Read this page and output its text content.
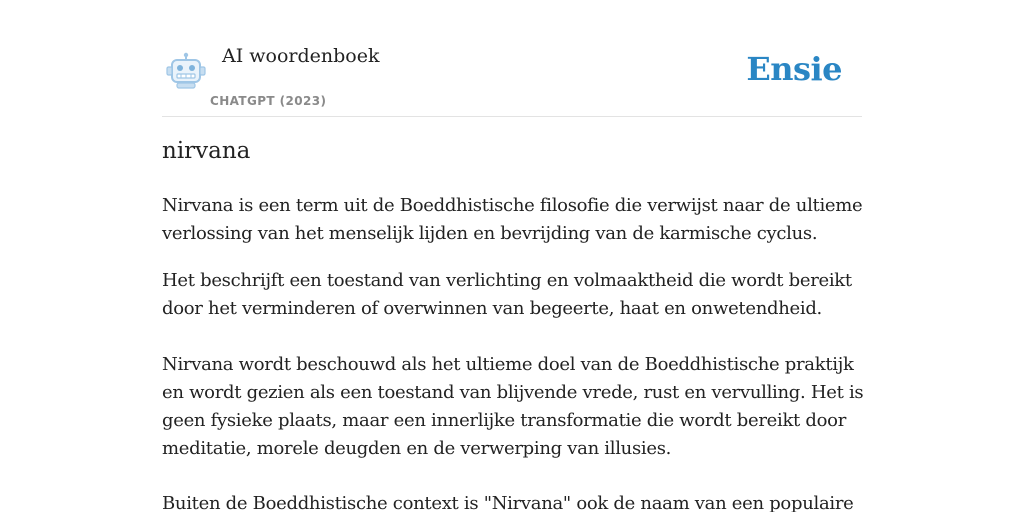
AI woordenboek
CHATGPT (2023)
Ensie
nirvana

Nirvana is een term uit de Boeddhistische filosofie die verwijst naar de ultieme verlossing van het menselijk lijden en bevrijding van de karmische cyclus.

Het beschrijft een toestand van verlichting en volmaaktheid die wordt bereikt door het verminderen of overwinnen van begeerte, haat en onwetendheid.

Nirvana wordt beschouwd als het ultieme doel van de Boeddhistische praktijk en wordt gezien als een toestand van blijvende vrede, rust en vervulling. Het is geen fysieke plaats, maar een innerlijke transformatie die wordt bereikt door meditatie, morele deugden en de verwerping van illusies.

Buiten de Boeddhistische context is "Nirvana" ook de naam van een populaire
